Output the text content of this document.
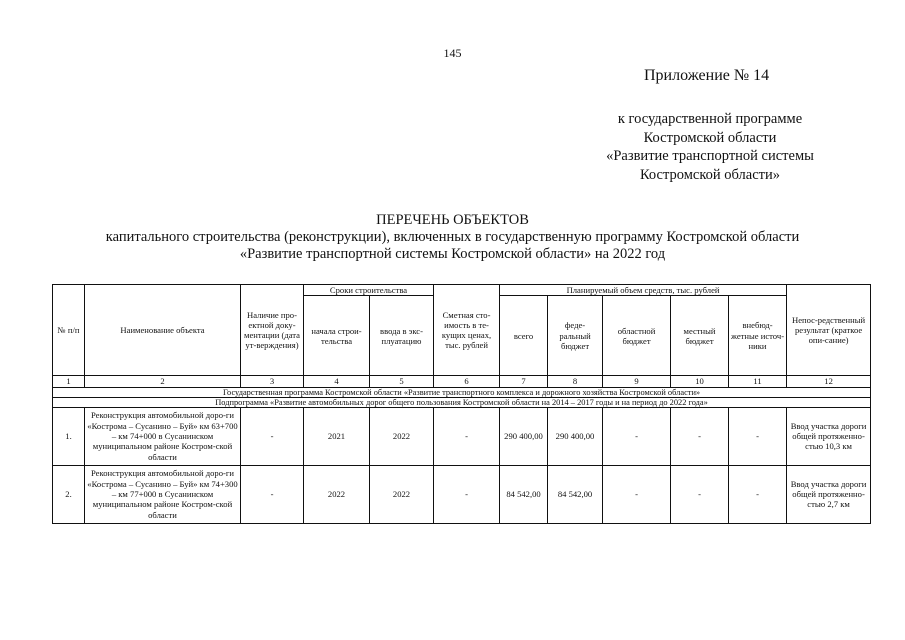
145
Приложение № 14
к государственной программе
Костромской области
«Развитие транспортной системы
Костромской области»
ПЕРЕЧЕНЬ ОБЪЕКТОВ
капитального строительства (реконструкции), включенных в государственную программу Костромской области
«Развитие транспортной системы Костромской области» на 2022 год
№ п/п	Наименование объекта	Наличие про-ектной доку-ментации (дата ут-верждения)	Сроки строительства		Сметная сто-имость в те-кущих ценах, тыс. рублей	Планируемый объем средств, тыс. рублей					Непос-редственный результат (краткое опи-сание)
			начала строи-тельства	ввода в экс-плуатацию		всего	феде-ральный бюджет	областной бюджет	местный бюджет	внебюд-жетные источ-ники	
1	2	3	4	5	6	7	8	9	10	11	12
Государственная программа Костромской области «Развитие транспортного комплекса и дорожного хозяйства Костромской области»											
Подпрограмма «Развитие автомобильных дорог общего пользования Костромской области на 2014 – 2017 годы и на период до 2022 года»											
1.	Реконструкция автомобильной доро-ги «Кострома – Сусанино – Буй» км 63+700 – км 74+000 в Сусанинском муниципальном районе Костром-ской области	-	2021	2022	-	290 400,00	290 400,00	-	-	-	Ввод участка дороги общей протяженно-стью 10,3 км
2.	Реконструкция автомобильной доро-ги «Кострома – Сусанино – Буй» км 74+300 – км 77+000 в Сусанинском муниципальном районе Костром-ской области	-	2022	2022	-	84 542,00	84 542,00	-	-	-	Ввод участка дороги общей протяженно-стью 2,7 км
